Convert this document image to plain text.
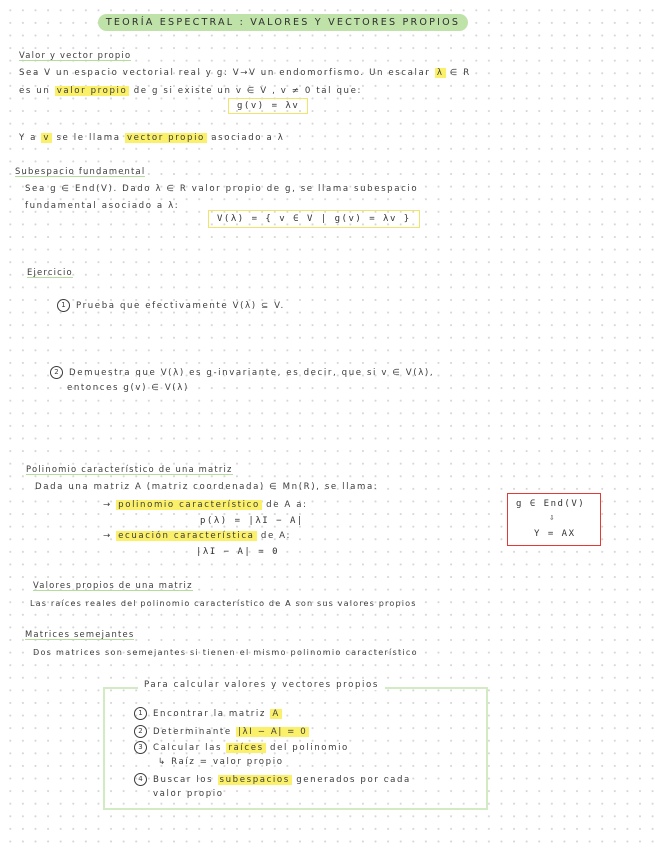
TEORÍA ESPECTRAL : VALORES Y VECTORES PROPIOS
Valor y vector propio
Sea V un espacio vectorial real y g: V→V un endomorfismo. Un escalar λ ∈ R
es un valor propio de g si existe un v ∈ V , v ≠ 0 tal que:
g(v) = λv
Y a v se le llama vector propio asociado a λ
Subespacio fundamental
Sea g ∈ End(V). Dado λ ∈ R valor propio de g, se llama subespacio
fundamental asociado a λ:
V(λ) = { v ∈ V | g(v) = λv }
Ejercicio
1 Prueba que efectivamente V(λ) ⊆ V.
2 Demuestra que V(λ) es g-invariante, es decir, que si v ∈ V(λ),
entonces g(v) ∈ V(λ)
Polinomio característico de una matriz
Dada una matriz A (matriz coordenada) ∈ Mn(R), se llama:
→ polinomio característico de A a:
p(λ) = |λI − A|
→ ecuación característica de A:
|λI − A| = 0
g ∈ End(V)
⇩
Y = AX
Valores propios de una matriz
Las raíces reales del polinomio característico de A son sus valores propios
Matrices semejantes
Dos matrices son semejantes si tienen el mismo polinomio característico
Para calcular valores y vectores propios
1 Encontrar la matriz A
2 Determinante |λI − A| = 0
3 Calcular las raíces del polinomio
↳ Raíz = valor propio
4 Buscar los subespacios generados por cada
valor propio
